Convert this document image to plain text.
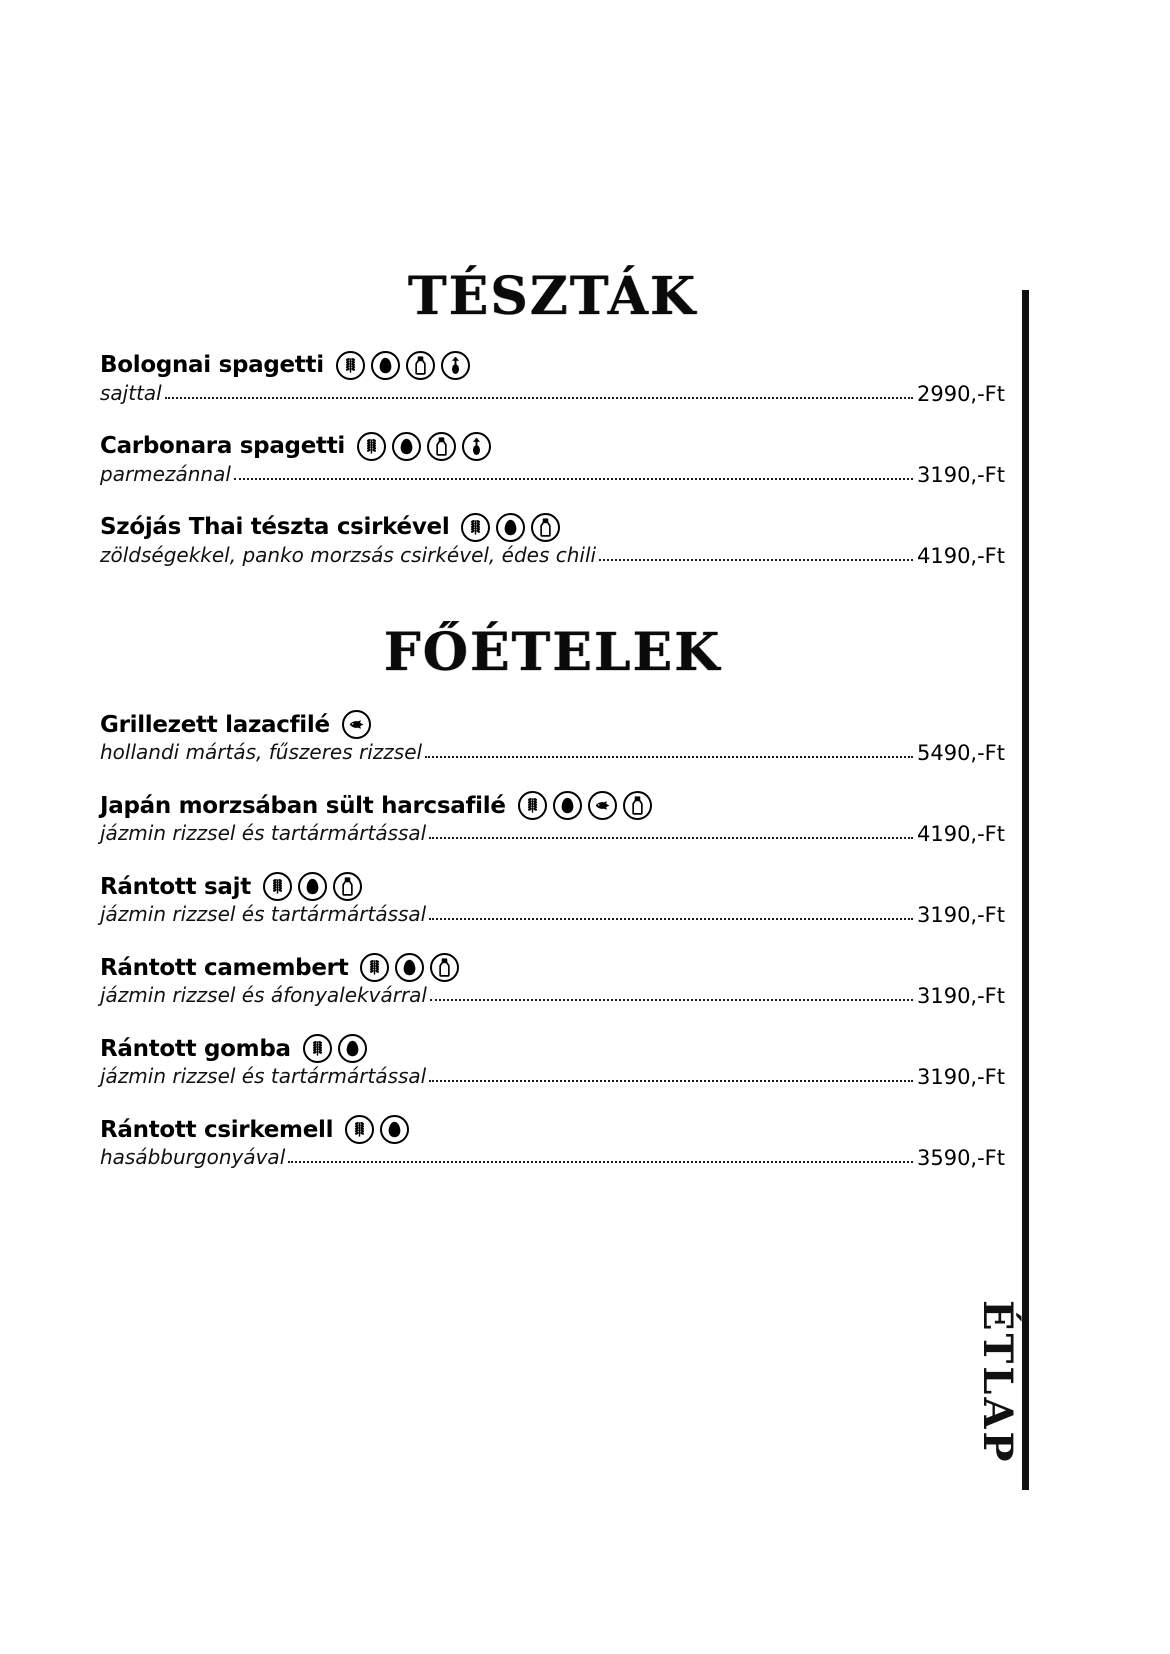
ÉTLAP
TÉSZTÁK
Bolognai spagetti
sajttal	2990,-Ft
Carbonara spagetti
parmezánnal	3190,-Ft
Szójás Thai tészta csirkével
zöldségekkel, panko morzsás csirkével, édes chili	4190,-Ft
FŐÉTELEK
Grillezett lazacfilé
hollandi mártás, fűszeres rizzsel	5490,-Ft
Japán morzsában sült harcsafilé
jázmin rizzsel és tartármártással	4190,-Ft
Rántott sajt
jázmin rizzsel és tartármártással	3190,-Ft
Rántott camembert
jázmin rizzsel és áfonyalekvárral	3190,-Ft
Rántott gomba
jázmin rizzsel és tartármártással	3190,-Ft
Rántott csirkemell
hasábburgonyával	3590,-Ft
